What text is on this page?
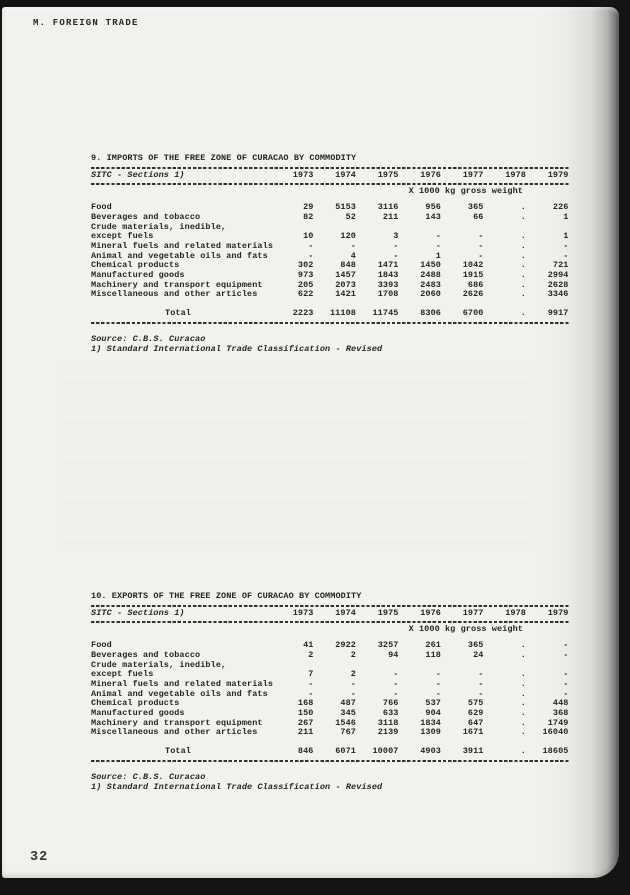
M. FOREIGN TRADE
9. IMPORTS OF THE FREE ZONE OF CURACAO BY COMMODITY
SITC - Sections 1)	1973	1974	1975	1976	1977	1978	1979
X 1000 kg gross weight
Food	29	5153	3116	956	365	.	226
Beverages and tobacco	82	52	211	143	66	.	1
Crude materials, inedible,
except fuels	10	120	3	-	-	.	1
Mineral fuels and related materials	-	-	-	-	-	.	-
Animal and vegetable oils and fats	-	4	-	1	-	.	-
Chemical products	302	848	1471	1450	1042	.	721
Manufactured goods	973	1457	1843	2488	1915	.	2994
Machinery and transport equipment	205	2073	3393	2483	686	.	2628
Miscellaneous and other articles	622	1421	1708	2060	2626	.	3346
Total	2223	11108	11745	8306	6700	.	9917
Source: C.B.S. Curacao
1) Standard International Trade Classification - Revised
10. EXPORTS OF THE FREE ZONE OF CURACAO BY COMMODITY
SITC - Sections 1)	1973	1974	1975	1976	1977	1978	1979
X 1000 kg gross weight
Food	41	2922	3257	261	365	.	-
Beverages and tobacco	2	2	94	118	24	.	-
Crude materials, inedible,
except fuels	7	2	-	-	-	.	-
Mineral fuels and related materials	-	-	-	-	-	.	-
Animal and vegetable oils and fats	-	-	-	-	-	.	-
Chemical products	168	487	766	537	575	.	448
Manufactured goods	150	345	633	904	629	.	368
Machinery and transport equipment	267	1546	3118	1834	647	.	1749
Miscellaneous and other articles	211	767	2139	1309	1671	.	16040
Total	846	6071	10007	4903	3911	.	18605
Source: C.B.S. Curacao
1) Standard International Trade Classification - Revised
32
